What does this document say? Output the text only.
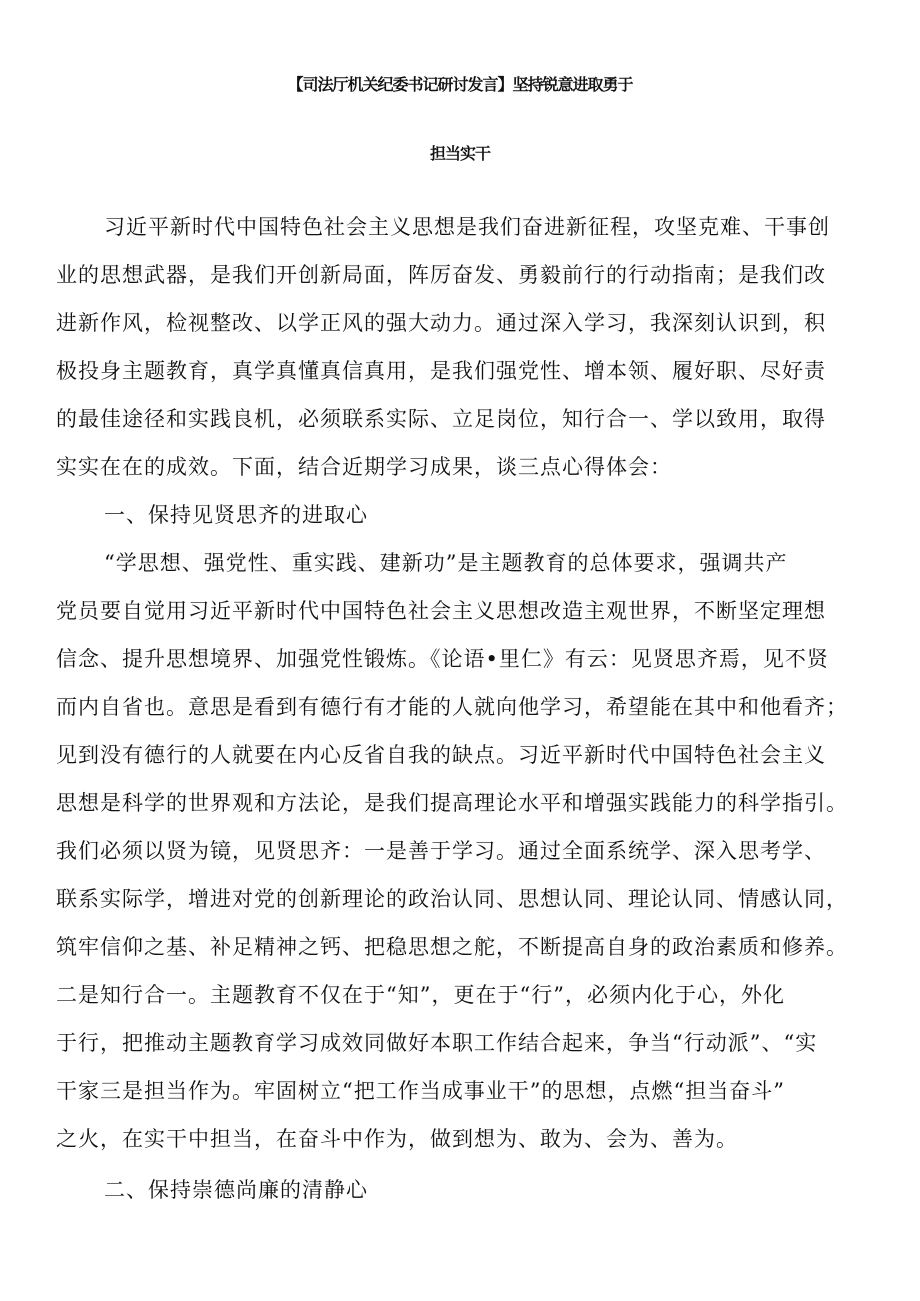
【司法厅机关纪委书记研讨发言】坚持锐意进取勇于
担当实干
习近平新时代中国特色社会主义思想是我们奋进新征程，攻坚克难、干事创
业的思想武器，是我们开创新局面，阵厉奋发、勇毅前行的行动指南；是我们改
进新作风，检视整改、以学正风的强大动力。通过深入学习，我深刻认识到，积
极投身主题教育，真学真懂真信真用，是我们强党性、增本领、履好职、尽好责
的最佳途径和实践良机，必须联系实际、立足岗位，知行合一、学以致用，取得
实实在在的成效。下面，结合近期学习成果，谈三点心得体会：
一、保持见贤思齐的进取心
“学思想、强党性、重实践、建新功”是主题教育的总体要求，强调共产
党员要自觉用习近平新时代中国特色社会主义思想改造主观世界，不断坚定理想
信念、提升思想境界、加强党性锻炼。《论语•里仁》有云：见贤思齐焉，见不贤
而内自省也。意思是看到有德行有才能的人就向他学习，希望能在其中和他看齐；
见到没有德行的人就要在内心反省自我的缺点。习近平新时代中国特色社会主义
思想是科学的世界观和方法论，是我们提高理论水平和增强实践能力的科学指引。
我们必须以贤为镜，见贤思齐：一是善于学习。通过全面系统学、深入思考学、
联系实际学，增进对党的创新理论的政治认同、思想认同、理论认同、情感认同，
筑牢信仰之基、补足精神之钙、把稳思想之舵，不断提高自身的政治素质和修养。
二是知行合一。主题教育不仅在于“知”，更在于“行”，必须内化于心，外化
于行，把推动主题教育学习成效同做好本职工作结合起来，争当“行动派”、“实
干家三是担当作为。牢固树立“把工作当成事业干”的思想，点燃“担当奋斗”
之火，在实干中担当，在奋斗中作为，做到想为、敢为、会为、善为。
二、保持崇德尚廉的清静心
